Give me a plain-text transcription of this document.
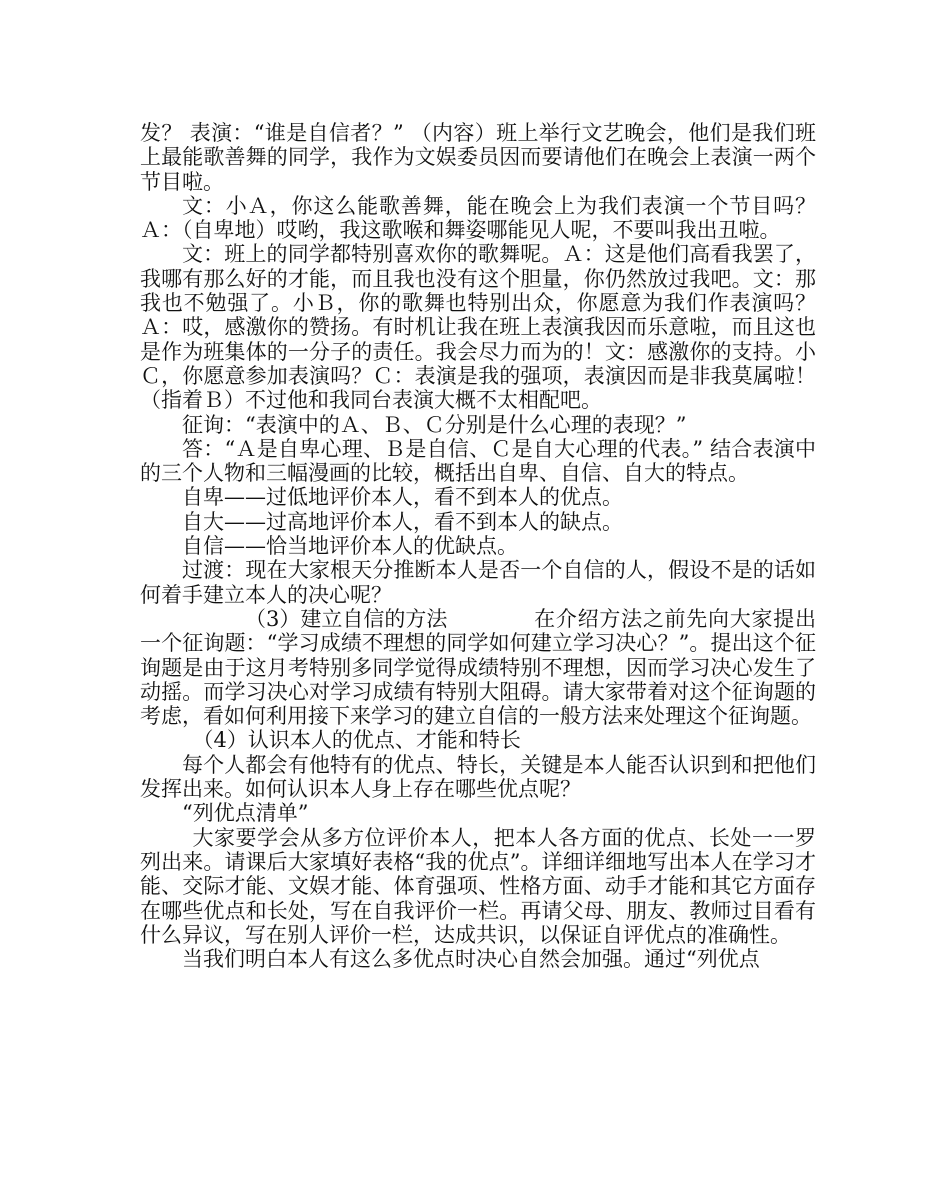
发？ 表演：“谁是自信者？” （内容）班上举行文艺晚会，他们是我们班上最能歌善舞的同学，我作为文娱委员因而要请他们在晚会上表演一两个节目啦。

文：小Ａ，你这么能歌善舞，能在晚会上为我们表演一个节目吗？Ａ：（自卑地）哎哟，我这歌喉和舞姿哪能见人呢，不要叫我出丑啦。

文：班上的同学都特别喜欢你的歌舞呢。Ａ：这是他们高看我罢了，我哪有那么好的才能，而且我也没有这个胆量，你仍然放过我吧。文：那我也不勉强了。小Ｂ，你的歌舞也特别出众，你愿意为我们作表演吗？Ａ：哎，感激你的赞扬。有时机让我在班上表演我因而乐意啦，而且这也是作为班集体的一分子的责任。我会尽力而为的！文：感激你的支持。小Ｃ，你愿意参加表演吗？Ｃ：表演是我的强项，表演因而是非我莫属啦！（指着Ｂ）不过他和我同台表演大概不太相配吧。

征询：“表演中的Ａ、Ｂ、Ｃ分别是什么心理的表现？”

答：“Ａ是自卑心理、Ｂ是自信、Ｃ是自大心理的代表。” 结合表演中的三个人物和三幅漫画的比较，概括出自卑、自信、自大的特点。

自卑——过低地评价本人，看不到本人的优点。

自大——过高地评价本人，看不到本人的缺点。

自信——恰当地评价本人的优缺点。

过渡：现在大家根天分推断本人是否一个自信的人，假设不是的话如何着手建立本人的决心呢？

（3）建立自信的方法	在介绍方法之前先向大家提出一个征询题：“学习成绩不理想的同学如何建立学习决心？”。提出这个征询题是由于这月考特别多同学觉得成绩特别不理想，因而学习决心发生了动摇。而学习决心对学习成绩有特别大阻碍。请大家带着对这个征询题的考虑，看如何利用接下来学习的建立自信的一般方法来处理这个征询题。

（4）认识本人的优点、才能和特长

每个人都会有他特有的优点、特长，关键是本人能否认识到和把他们发挥出来。如何认识本人身上存在哪些优点呢？

“列优点清单”

大家要学会从多方位评价本人，把本人各方面的优点、长处一一罗列出来。请课后大家填好表格“我的优点”。详细详细地写出本人在学习才能、交际才能、文娱才能、体育强项、性格方面、动手才能和其它方面存在哪些优点和长处，写在自我评价一栏。再请父母、朋友、教师过目看有什么异议，写在别人评价一栏，达成共识，以保证自评优点的准确性。

当我们明白本人有这么多优点时决心自然会加强。通过“列优点
